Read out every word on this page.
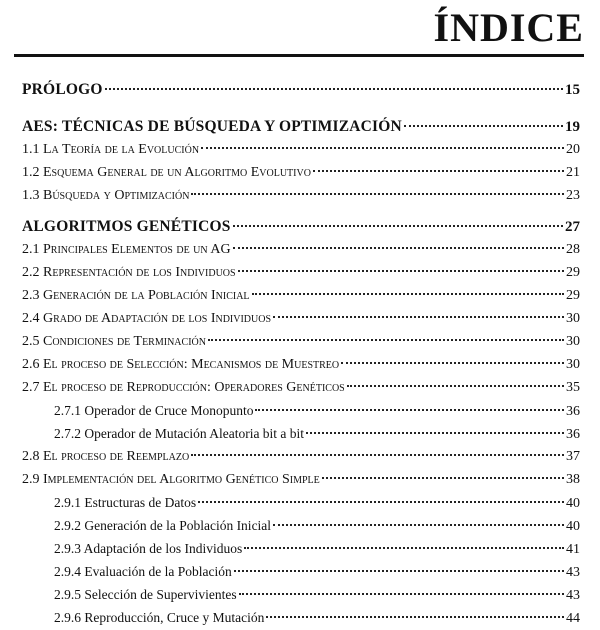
ÍNDICE
PRÓLOGO	15
AES: TÉCNICAS DE BÚSQUEDA Y OPTIMIZACIÓN	19
1.1 La Teoría de la Evolución	20
1.2 Esquema General de un Algoritmo Evolutivo	21
1.3 Búsqueda y Optimización	23
ALGORITMOS GENÉTICOS	27
2.1 Principales Elementos de un AG	28
2.2 Representación de los Individuos	29
2.3 Generación de la Población Inicial	29
2.4 Grado de Adaptación de los Individuos	30
2.5 Condiciones de Terminación	30
2.6 El proceso de Selección: Mecanismos de Muestreo	30
2.7 El proceso de Reproducción: Operadores Genéticos	35
2.7.1 Operador de Cruce Monopunto	36
2.7.2 Operador de Mutación Aleatoria bit a bit	36
2.8 El proceso de Reemplazo	37
2.9 Implementación del Algoritmo Genético Simple	38
2.9.1 Estructuras de Datos	40
2.9.2 Generación de la Población Inicial	40
2.9.3 Adaptación de los Individuos	41
2.9.4 Evaluación de la Población	43
2.9.5 Selección de Supervivientes	43
2.9.6 Reproducción, Cruce y Mutación	44
